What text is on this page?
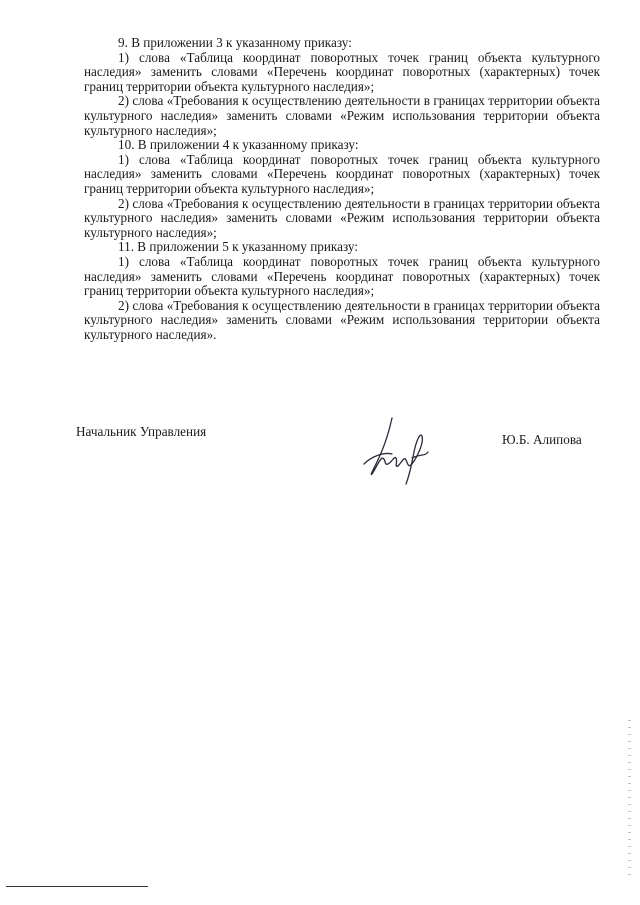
9. В приложении 3 к указанному приказу:

1) слова «Таблица координат поворотных точек границ объекта культурного наследия» заменить словами «Перечень координат поворотных (характерных) точек границ территории объекта культурного наследия»;

2) слова «Требования к осуществлению деятельности в границах территории объекта культурного наследия» заменить словами «Режим использования территории объекта культурного наследия»;

10. В приложении 4 к указанному приказу:

1) слова «Таблица координат поворотных точек границ объекта культурного наследия» заменить словами «Перечень координат поворотных (характерных) точек границ территории объекта культурного наследия»;

2) слова «Требования к осуществлению деятельности в границах территории объекта культурного наследия» заменить словами «Режим использования территории объекта культурного наследия»;

11. В приложении 5 к указанному приказу:

1) слова «Таблица координат поворотных точек границ объекта культурного наследия» заменить словами «Перечень координат поворотных (характерных) точек границ территории объекта культурного наследия»;

2) слова «Требования к осуществлению деятельности в границах территории объекта культурного наследия» заменить словами «Режим использования территории объекта культурного наследия».

Начальник Управления
Ю.Б. Алипова
